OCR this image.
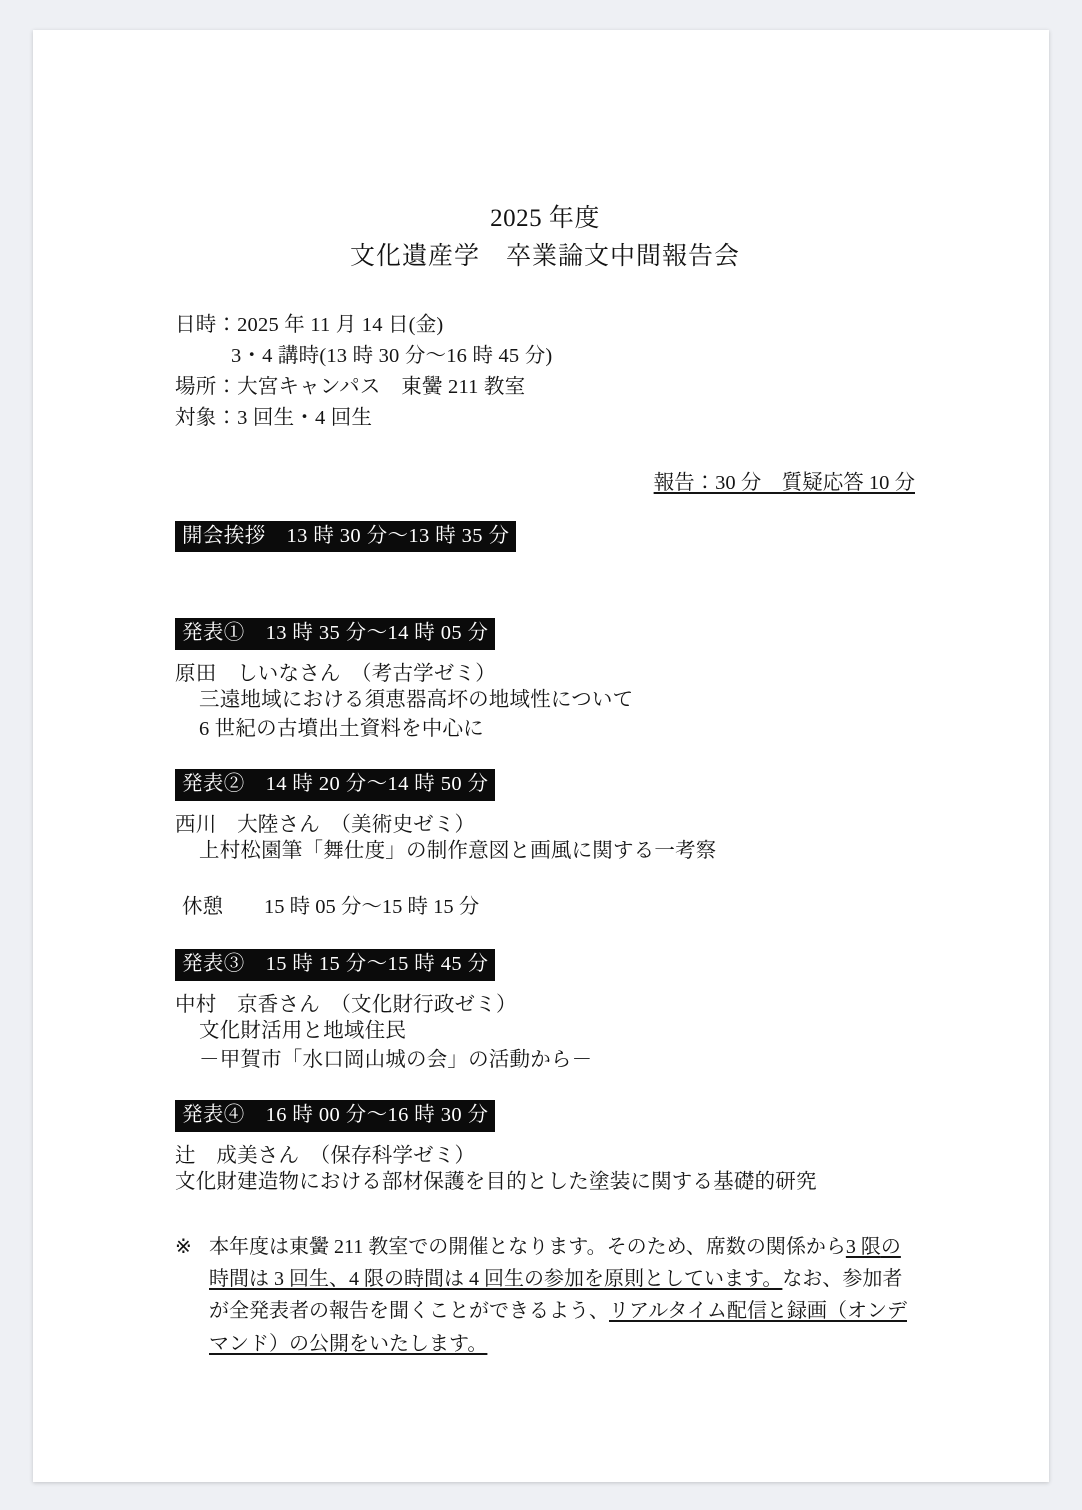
2025 年度
文化遺産学　卒業論文中間報告会
日時：2025 年 11 月 14 日(金)
3・4 講時(13 時 30 分～16 時 45 分)
場所：大宮キャンパス　東黌 211 教室
対象：3 回生・4 回生
報告：30 分　質疑応答 10 分
開会挨拶　13 時 30 分～13 時 35 分
発表①　13 時 35 分～14 時 05 分
原田　しいなさん　（考古学ゼミ）
三遠地域における須恵器高坏の地域性について
6 世紀の古墳出土資料を中心に
発表②　14 時 20 分～14 時 50 分
西川　大陸さん　（美術史ゼミ）
上村松園筆「舞仕度」の制作意図と画風に関する一考察
休憩　　15 時 05 分～15 時 15 分
発表③　15 時 15 分～15 時 45 分
中村　京香さん　（文化財行政ゼミ）
文化財活用と地域住民
－甲賀市「水口岡山城の会」の活動から－
発表④　16 時 00 分～16 時 30 分
辻　成美さん　（保存科学ゼミ）
文化財建造物における部材保護を目的とした塗装に関する基礎的研究
※ 本年度は東黌 211 教室での開催となります。そのため、席数の関係から3 限の時間は 3 回生、4 限の時間は 4 回生の参加を原則としています。なお、参加者が全発表者の報告を聞くことができるよう、リアルタイム配信と録画（オンデマンド）の公開をいたします。
